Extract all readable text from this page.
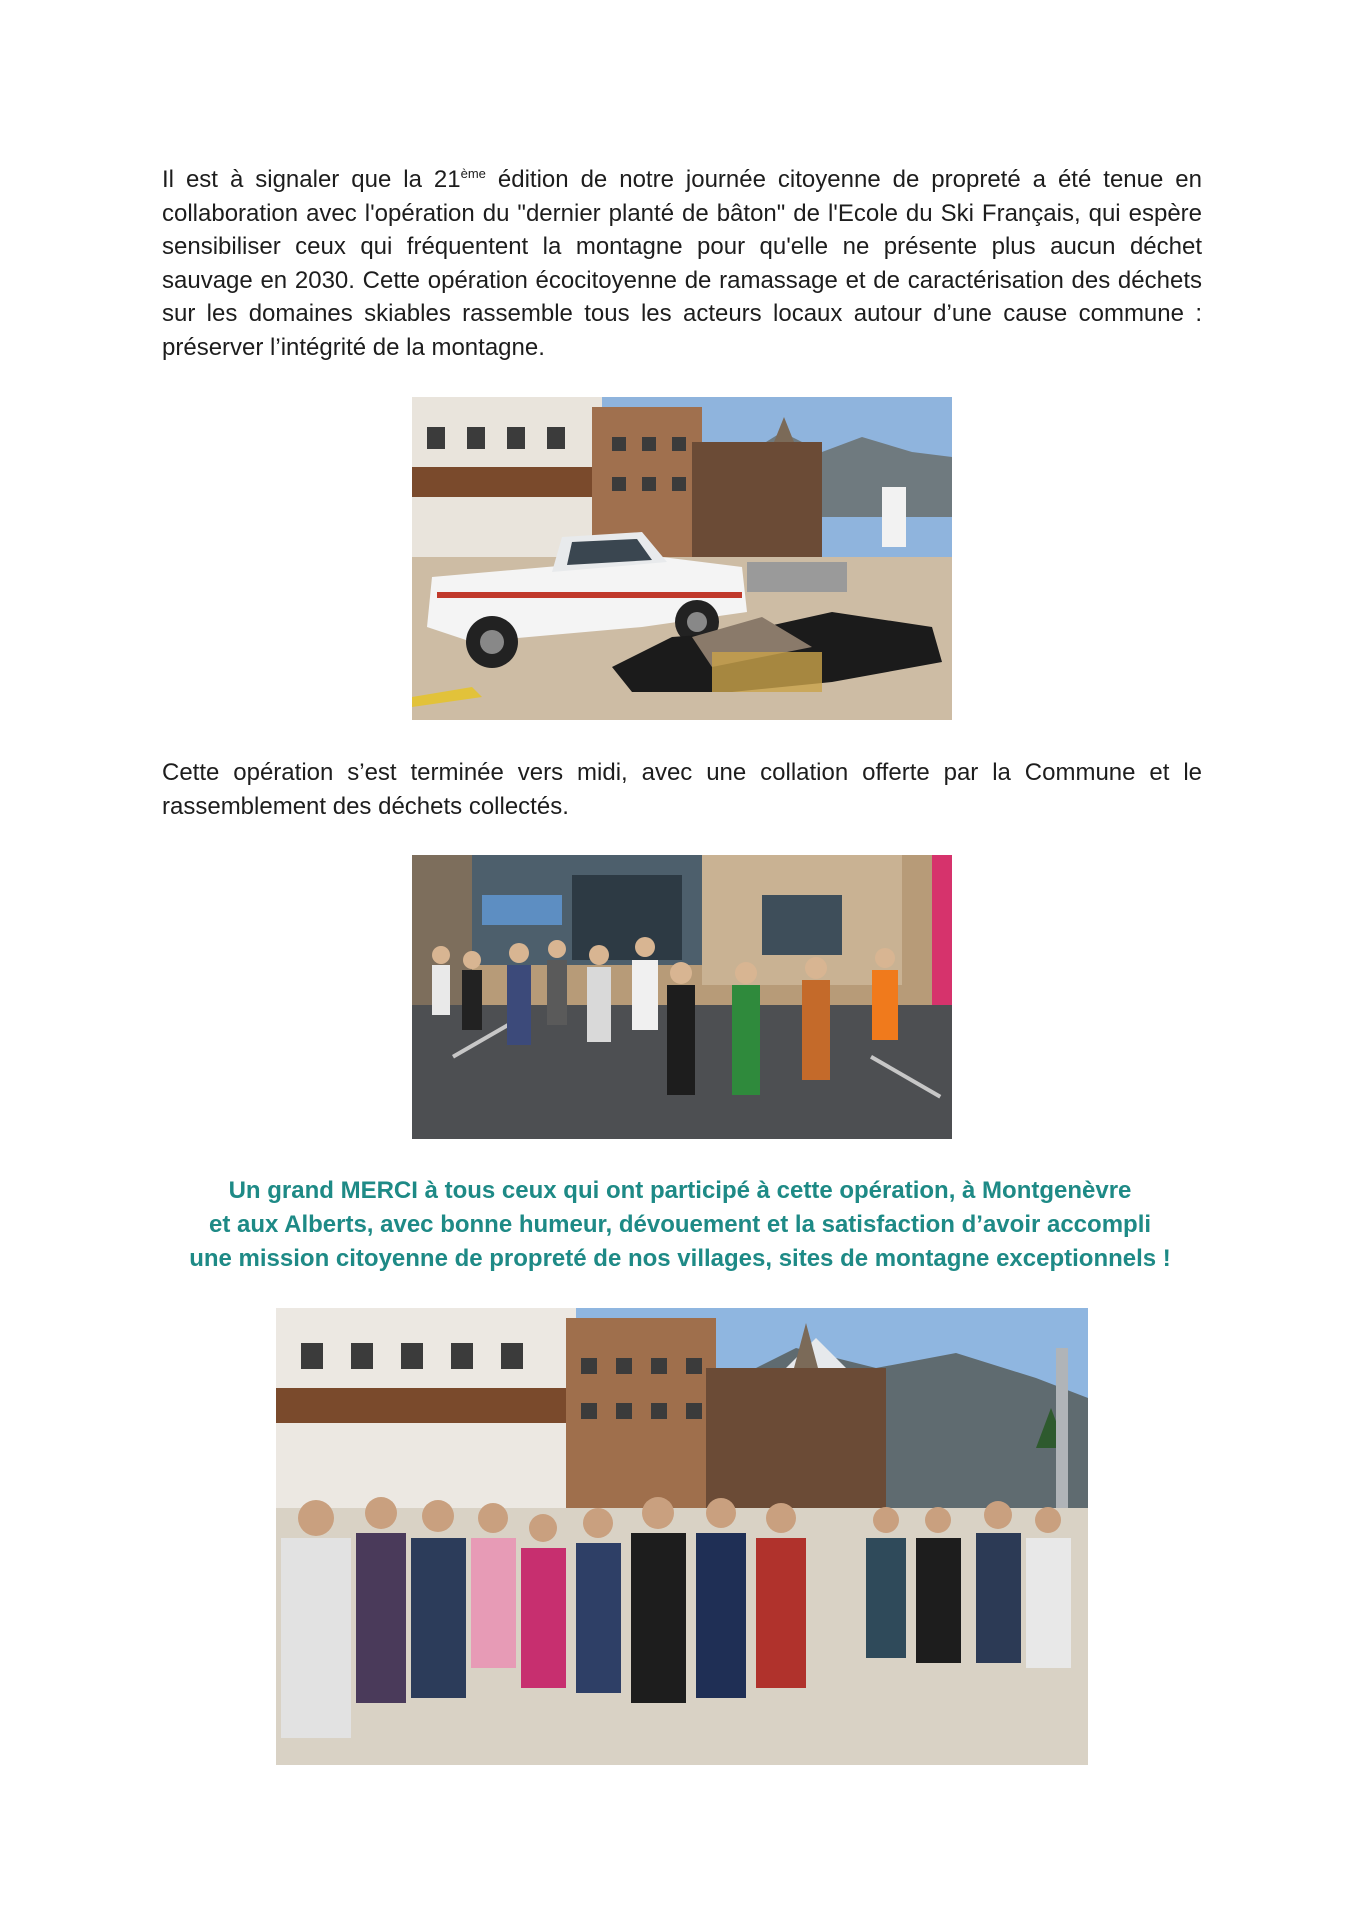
Il est à signaler que la 21ème édition de notre journée citoyenne de propreté a été tenue en collaboration avec l'opération du "dernier planté de bâton" de l'Ecole du Ski Français, qui espère sensibiliser ceux qui fréquentent la montagne pour qu'elle ne présente plus aucun déchet sauvage en 2030. Cette opération écocitoyenne de ramassage et de caractérisation des déchets sur les domaines skiables rassemble tous les acteurs locaux autour d’une cause commune : préserver l’intégrité de la montagne.

Cette opération s’est terminée vers midi, avec une collation offerte par la Commune et le rassemblement des déchets collectés.

Un grand MERCI à tous ceux qui ont participé à cette opération, à Montgenèvre
et aux Alberts, avec bonne humeur, dévouement et la satisfaction d’avoir accompli
une mission citoyenne de propreté de nos villages, sites de montagne exceptionnels !
